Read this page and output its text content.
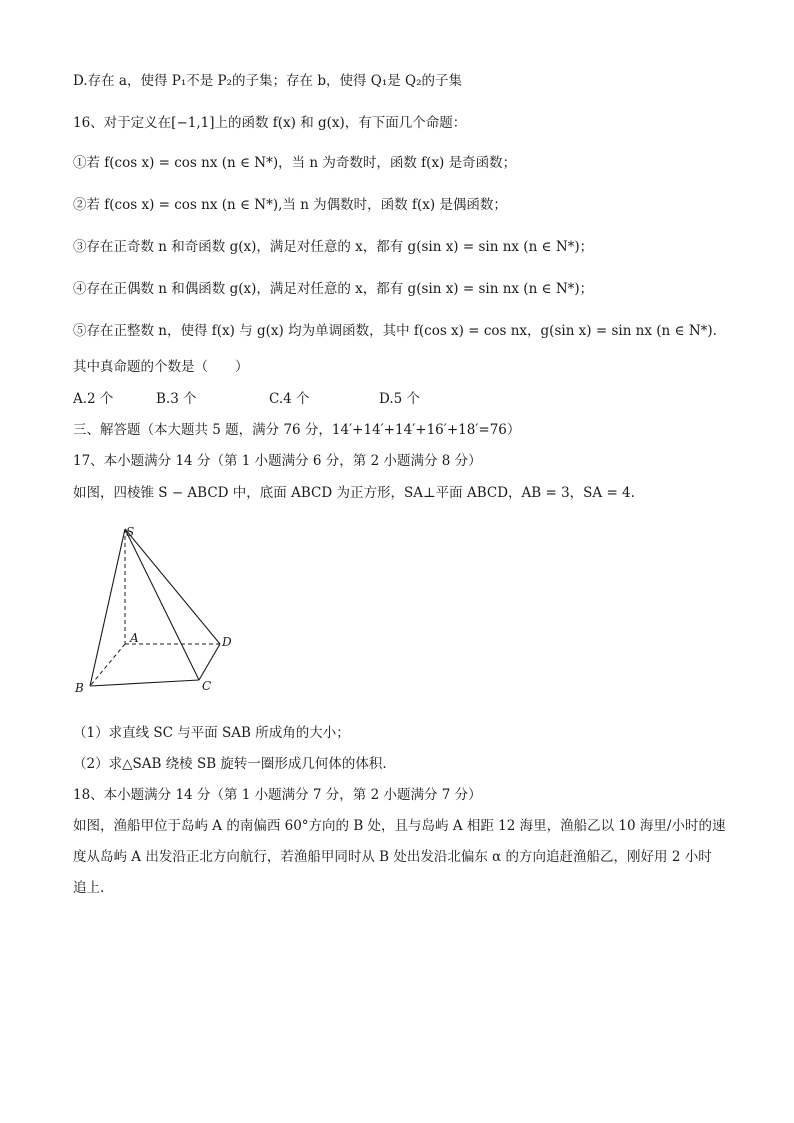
D.存在 a，使得 P₁不是 P₂的子集；存在 b，使得 Q₁是 Q₂的子集
16、对于定义在[−1,1]上的函数 f(x) 和 g(x)，有下面几个命题：
①若 f(cos x) = cos nx (n ∈ N*)，当 n 为奇数时，函数 f(x) 是奇函数；
②若 f(cos x) = cos nx (n ∈ N*),当 n 为偶数时，函数 f(x) 是偶函数；
③存在正奇数 n 和奇函数 g(x)，满足对任意的 x，都有 g(sin x) = sin nx (n ∈ N*)；
④存在正偶数 n 和偶函数 g(x)，满足对任意的 x，都有 g(sin x) = sin nx (n ∈ N*)；
⑤存在正整数 n，使得 f(x) 与 g(x) 均为单调函数，其中 f(cos x) = cos nx，g(sin x) = sin nx (n ∈ N*).
其中真命题的个数是（　　）
A.2 个	B.3 个	C.4 个	D.5 个
三、解答题（本大题共 5 题，满分 76 分，14′+14′+14′+16′+18′=76）
17、本小题满分 14 分（第 1 小题满分 6 分，第 2 小题满分 8 分）
如图，四棱锥 S − ABCD 中，底面 ABCD 为正方形，SA⊥平面 ABCD，AB = 3，SA = 4.
S
A
B	C
D
（1）求直线 SC 与平面 SAB 所成角的大小；
（2）求△SAB 绕棱 SB 旋转一圈形成几何体的体积.
18、本小题满分 14 分（第 1 小题满分 7 分，第 2 小题满分 7 分）
如图，渔船甲位于岛屿 A 的南偏西 60°方向的 B 处，且与岛屿 A 相距 12 海里，渔船乙以 10 海里/小时的速
度从岛屿 A 出发沿正北方向航行，若渔船甲同时从 B 处出发沿北偏东 α 的方向追赶渔船乙，刚好用 2 小时
追上.
